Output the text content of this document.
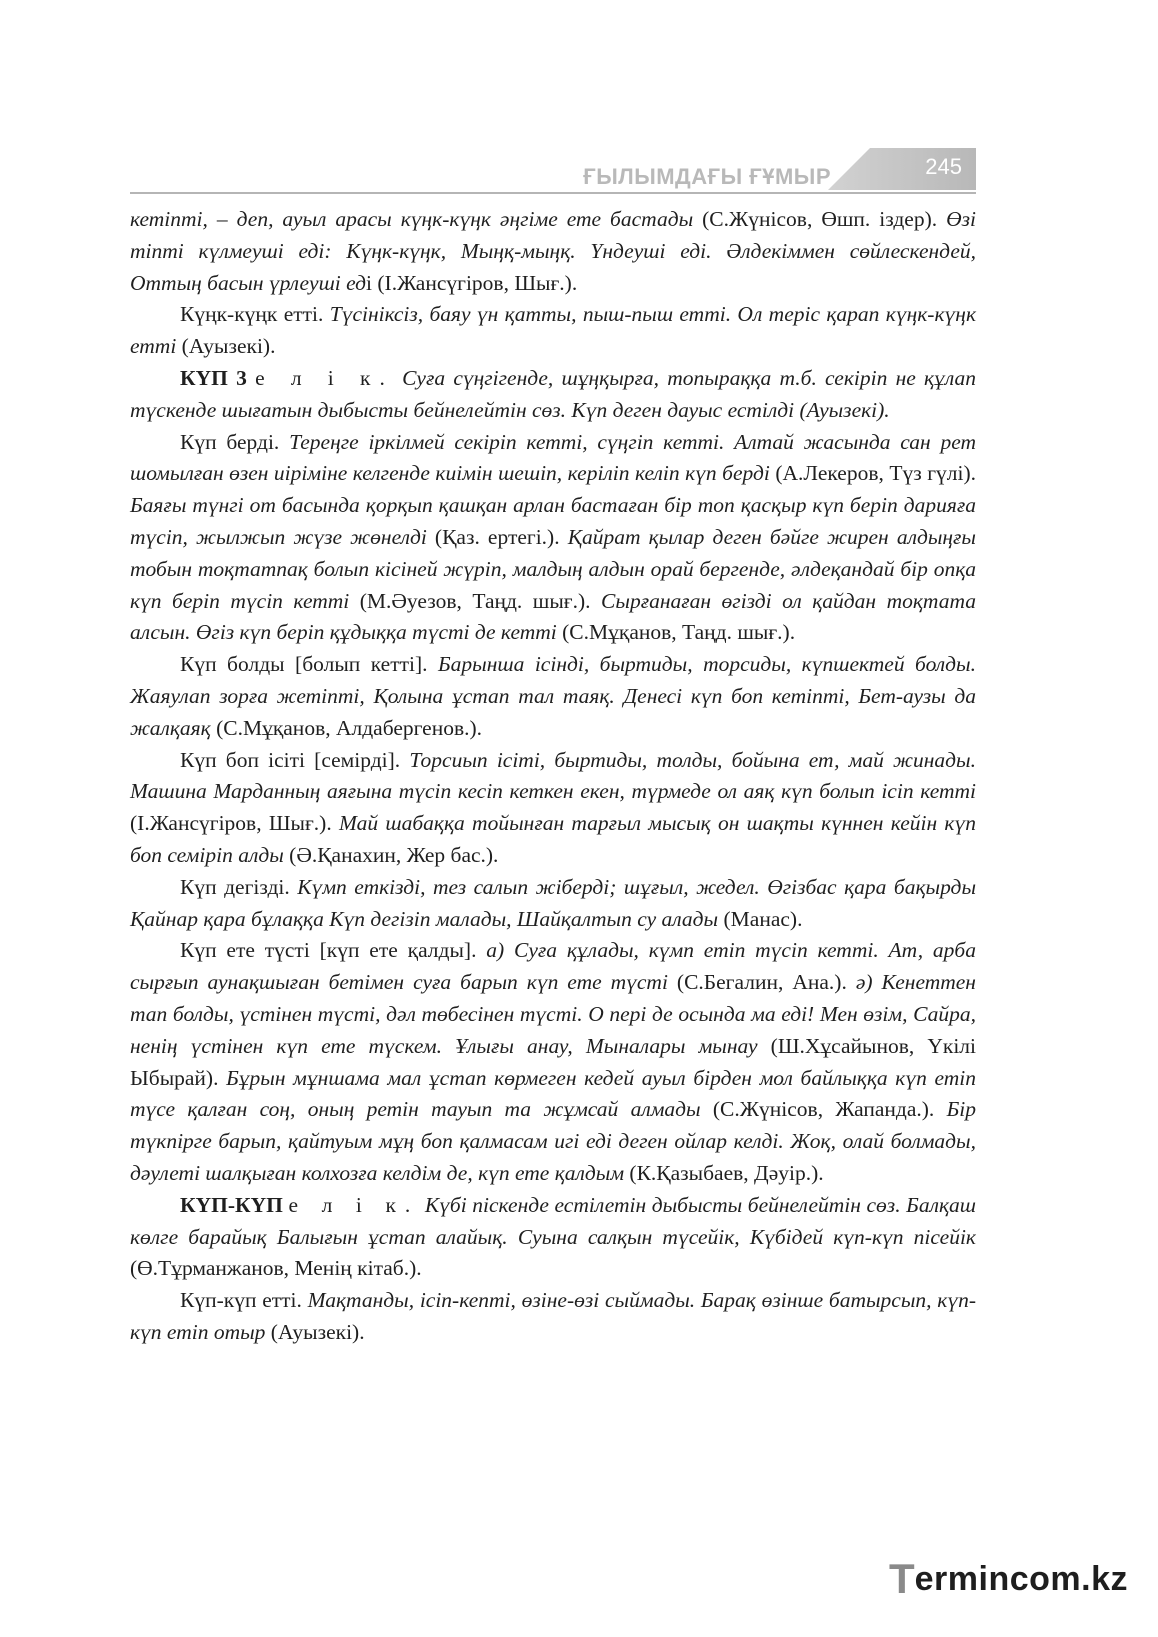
ҒЫЛЫМДАҒЫ ҒҰМЫР	245

кетіпті, – деп, ауыл арасы күңк-күңк әңгіме ете бастады (С.Жүнісов, Өшп. іздер). Өзі тіпті күлмеуші еді: Күңк-күңк, Мыңқ-мыңқ. Үндеуші еді. Әлдекіммен сөйлескендей, Оттың басын үрлеуші еді (І.Жансүгіров, Шығ.).

Күңк-күңк етті. Түсініксіз, баяу үн қатты, пыш-пыш етті. Ол теріс қарап күңк-күңк етті (Ауызекі).

КҮП 3 е л і к. Суға сүңгігенде, шұңқырға, топыраққа т.б. секіріп не құлап түскенде шығатын дыбысты бейнелейтін сөз. Күп деген дауыс естілді (Ауызекі).

Күп берді. Тереңге іркілмей секіріп кетті, сүңгіп кетті. Алтай жасында сан рет шомылған өзен иіріміне келгенде киімін шешіп, керіліп келіп күп берді (А.Лекеров, Түз гүлі). Баяғы түнгі от басында қорқып қашқан арлан бастаған бір топ қасқыр күп беріп дарияға түсіп, жылжып жүзе жөнелді (Қаз. ертегі.). Қайрат қылар деген бәйге жирен алдыңғы тобын тоқтатпақ болып кісіней жүріп, малдың алдын орай бергенде, әлдеқандай бір опқа күп беріп түсіп кетті (М.Әуезов, Таңд. шығ.). Сырғанаған өгізді ол қайдан тоқтата алсын. Өгіз күп беріп құдыққа түсті де кетті (С.Мұқанов, Таңд. шығ.).

Күп болды [болып кетті]. Барынша ісінді, быртиды, торсиды, күпшектей болды. Жаяулап зорға жетіпті, Қолына ұстап тал таяқ. Денесі күп боп кетіпті, Бет-аузы да жалқаяқ (С.Мұқанов, Алдабергенов.).

Күп боп ісіті [семірді]. Торсиып ісіті, быртиды, толды, бойына ет, май жинады. Машина Марданның аяғына түсіп кесіп кеткен екен, түрмеде ол аяқ күп болып ісіп кетті (І.Жансүгіров, Шығ.). Май шабаққа тойынған тарғыл мысық он шақты күннен кейін күп боп семіріп алды (Ә.Қанахин, Жер бас.).

Күп дегізді. Күмп еткізді, тез салып жіберді; шұғыл, жедел. Өгізбас қара бақырды Қайнар қара бұлаққа Күп дегізіп малады, Шайқалтып су алады (Манас).

Күп ете түсті [күп ете қалды]. а) Суға құлады, күмп етіп түсіп кетті. Ат, арба сырғып аунақшыған бетімен суға барып күп ете түсті (С.Бегалин, Ана.). ә) Кенеттен тап болды, үстінен түсті, дәл төбесінен түсті. О пері де осында ма еді! Мен өзім, Сайра, ненің үстінен күп ете түскем. Ұлығы анау, Мыналары мынау (Ш.Хұсайынов, Үкілі Ыбырай). Бұрын мұншама мал ұстап көрмеген кедей ауыл бірден мол байлыққа күп етіп түсе қалған соң, оның ретін тауып та жұмсай алмады (С.Жүнісов, Жапанда.). Бір түкпірге барып, қайтуым мұң боп қалмасам игі еді деген ойлар келді. Жоқ, олай болмады, дәулеті шалқыған колхозға келдім де, күп ете қалдым (К.Қазыбаев, Дәуір.).

КҮП-КҮП е л і к. Күбі піскенде естілетін дыбысты бейнелейтін сөз. Балқаш көлге барайық Балығын ұстап алайық. Суына салқын түсейік, Күбідей күп-күп пісейік (Ө.Тұрманжанов, Менің кітаб.).

Күп-күп етті. Мақтанды, ісіп-кепті, өзіне-өзі сыймады. Барақ өзінше батырсып, күп-күп етіп отыр (Ауызекі).

T ermincom.kz
